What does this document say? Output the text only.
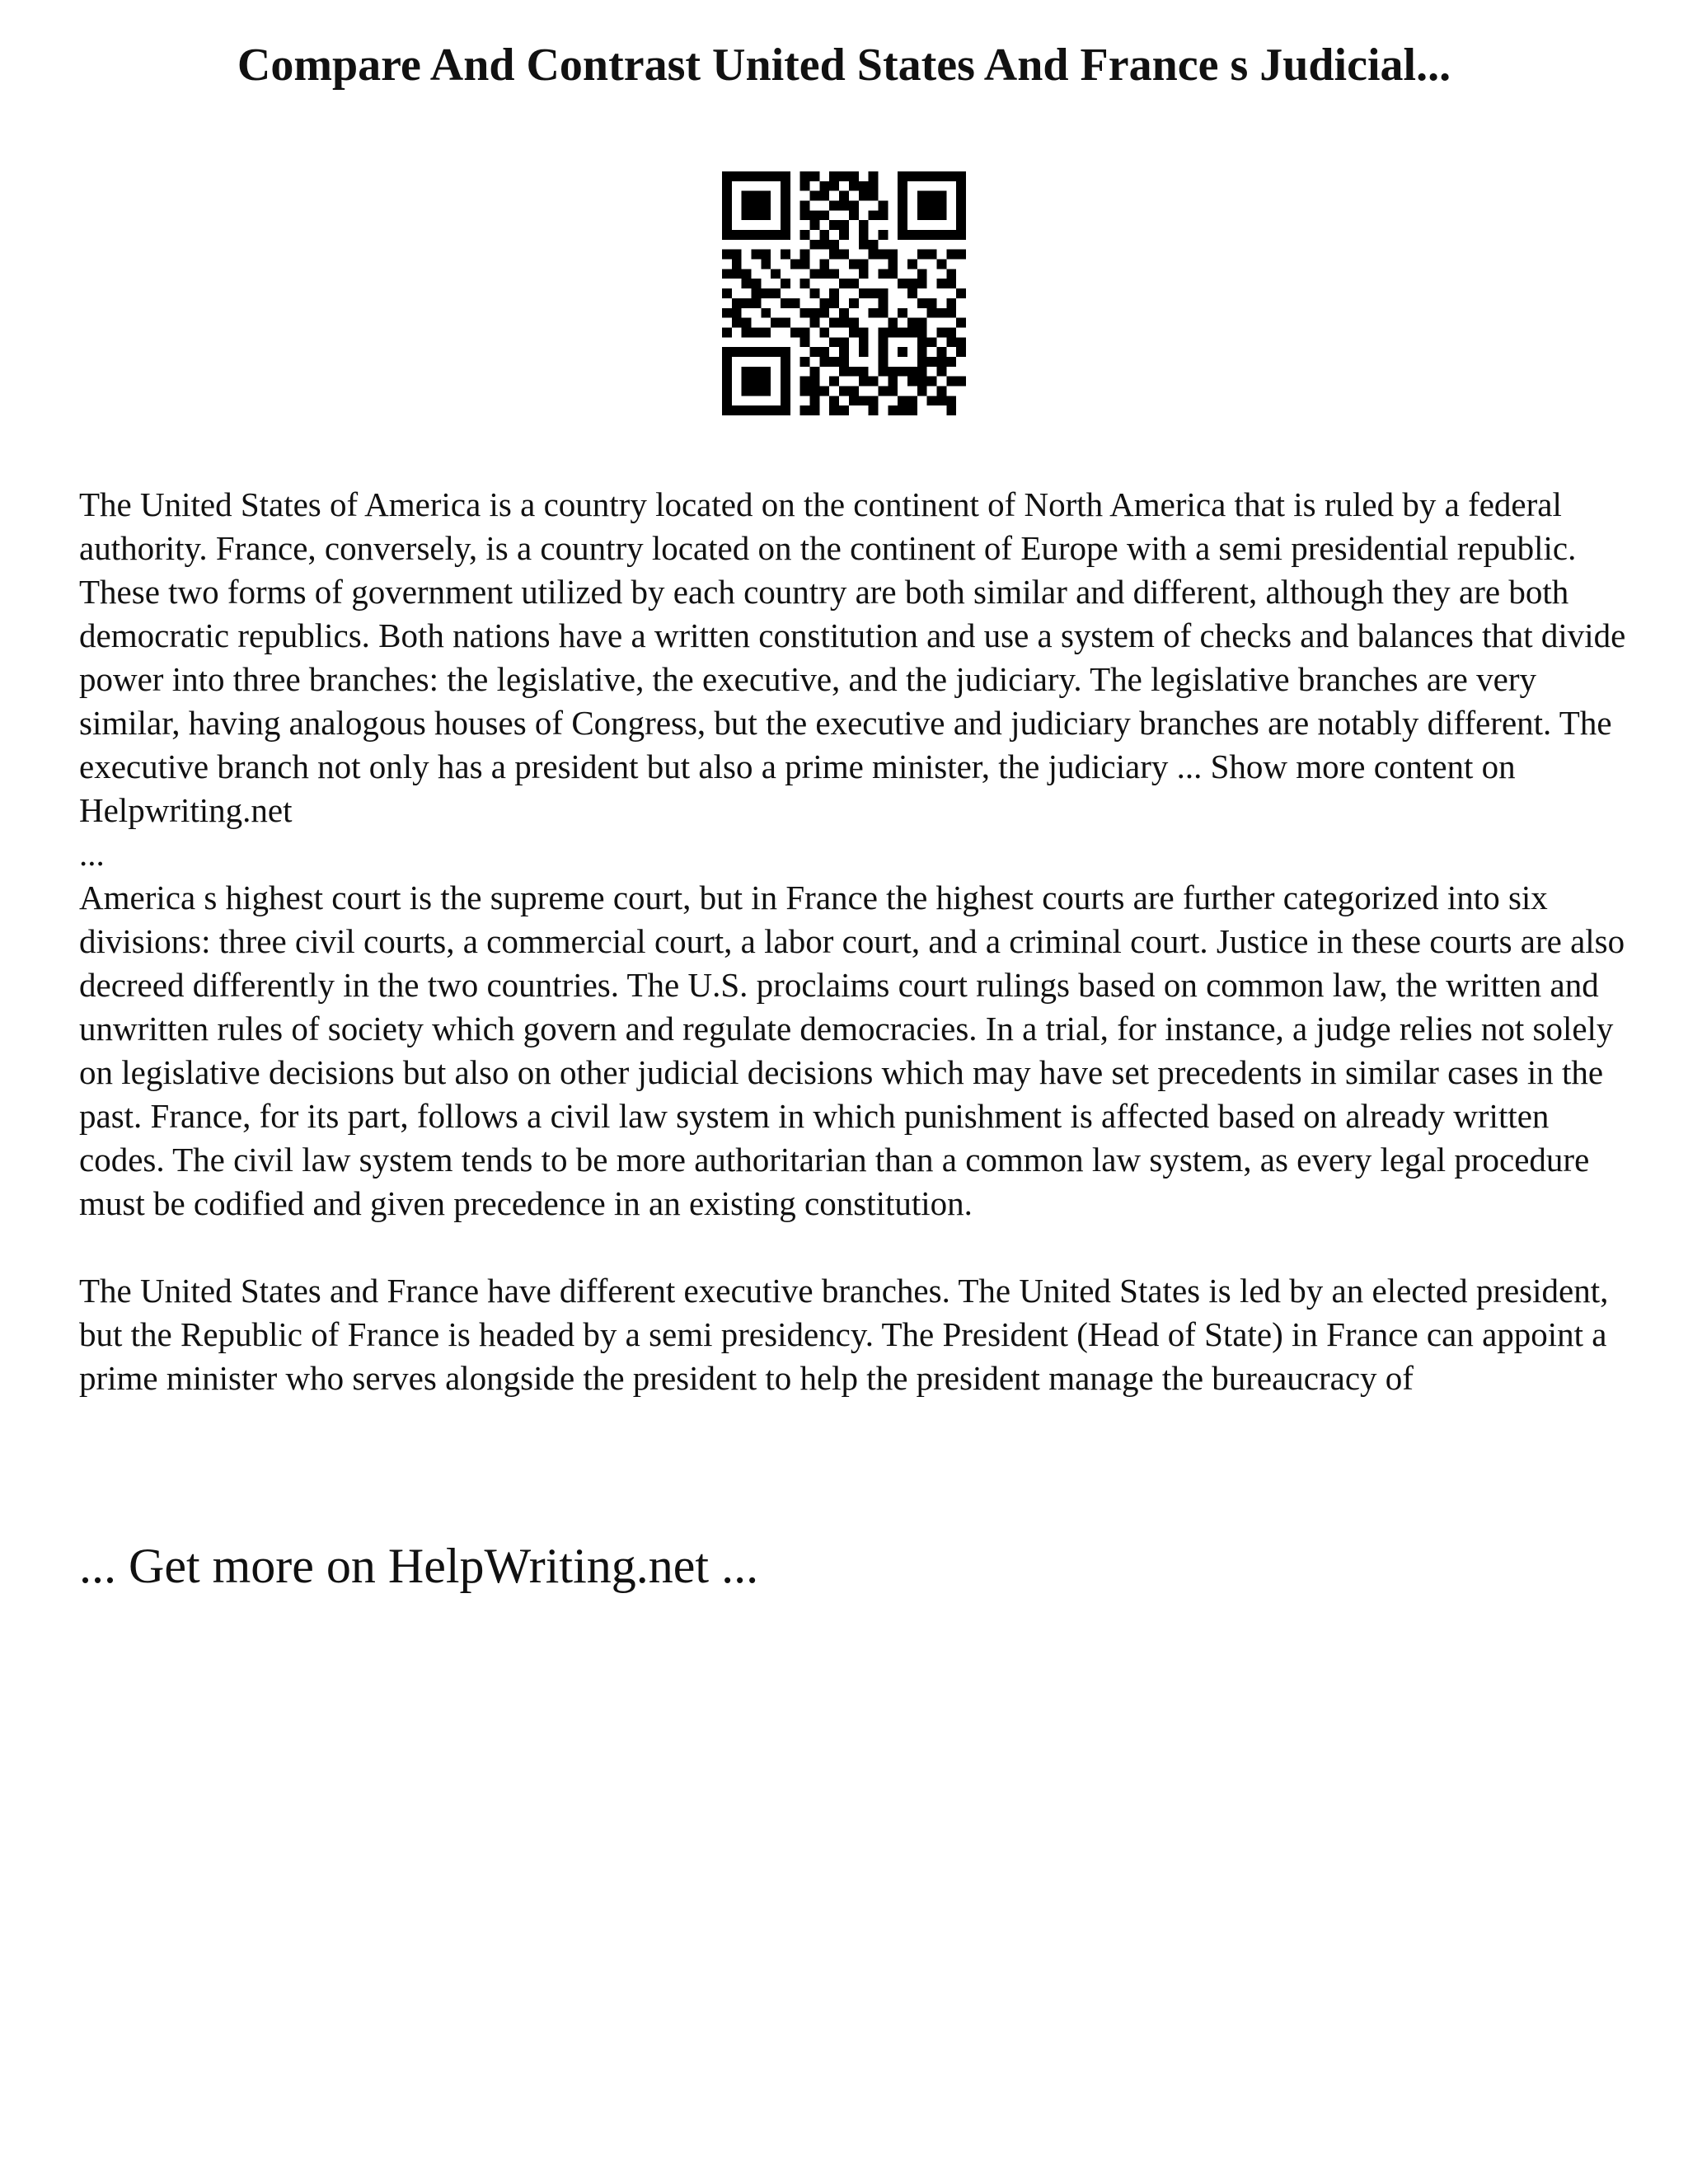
Compare And Contrast United States And France s Judicial...

The United States of America is a country located on the continent of North America that is ruled by a federal authority. France, conversely, is a country located on the continent of Europe with a semi presidential republic. These two forms of government utilized by each country are both similar and different, although they are both democratic republics. Both nations have a written constitution and use a system of checks and balances that divide power into three branches: the legislative, the executive, and the judiciary. The legislative branches are very similar, having analogous houses of Congress, but the executive and judiciary branches are notably different. The executive branch not only has a president but also a prime minister, the judiciary ... Show more content on Helpwriting.net

...

America s highest court is the supreme court, but in France the highest courts are further categorized into six divisions: three civil courts, a commercial court, a labor court, and a criminal court. Justice in these courts are also decreed differently in the two countries. The U.S. proclaims court rulings based on common law, the written and unwritten rules of society which govern and regulate democracies. In a trial, for instance, a judge relies not solely on legislative decisions but also on other judicial decisions which may have set precedents in similar cases in the past. France, for its part, follows a civil law system in which punishment is affected based on already written codes. The civil law system tends to be more authoritarian than a common law system, as every legal procedure must be codified and given precedence in an existing constitution.

The United States and France have different executive branches. The United States is led by an elected president, but the Republic of France is headed by a semi presidency. The President (Head of State) in France can appoint a prime minister who serves alongside the president to help the president manage the bureaucracy of

... Get more on HelpWriting.net ...
